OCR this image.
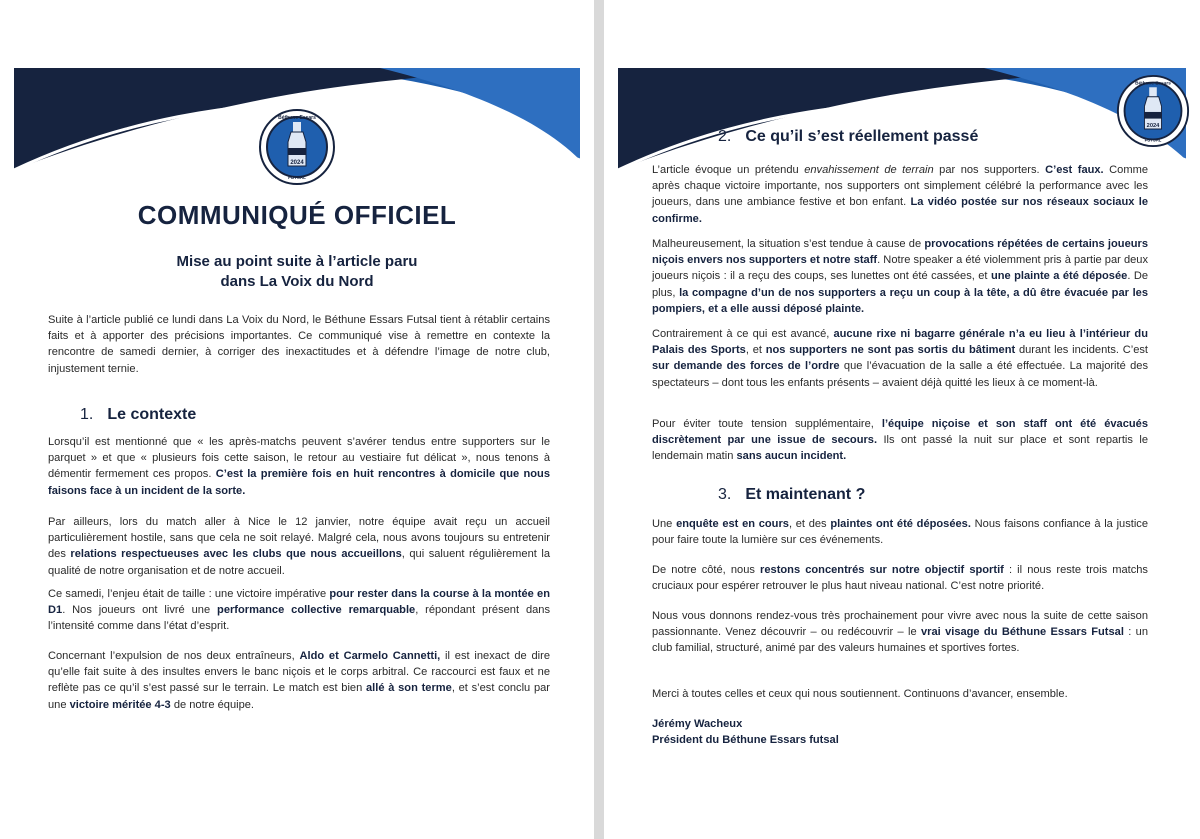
2024
FUTSAL
Béthune Essars
COMMUNIQUÉ OFFICIEL
Mise au point suite à l’article paru
dans La Voix du Nord
Suite à l’article publié ce lundi dans La Voix du Nord, le Béthune Essars Futsal tient à rétablir certains faits et à apporter des précisions importantes. Ce communiqué vise à remettre en contexte la rencontre de samedi dernier, à corriger des inexactitudes et à défendre l’image de notre club, injustement ternie.
1. Le contexte
Lorsqu’il est mentionné que « les après-matchs peuvent s’avérer tendus entre supporters sur le parquet » et que « plusieurs fois cette saison, le retour au vestiaire fut délicat », nous tenons à démentir fermement ces propos. C’est la première fois en huit rencontres à domicile que nous faisons face à un incident de la sorte.
Par ailleurs, lors du match aller à Nice le 12 janvier, notre équipe avait reçu un accueil particulièrement hostile, sans que cela ne soit relayé. Malgré cela, nous avons toujours su entretenir des relations respectueuses avec les clubs que nous accueillons, qui saluent régulièrement la qualité de notre organisation et de notre accueil.
Ce samedi, l’enjeu était de taille : une victoire impérative pour rester dans la course à la montée en D1. Nos joueurs ont livré une performance collective remarquable, répondant présent dans l’intensité comme dans l’état d’esprit.
Concernant l’expulsion de nos deux entraîneurs, Aldo et Carmelo Cannetti, il est inexact de dire qu’elle fait suite à des insultes envers le banc niçois et le corps arbitral. Ce raccourci est faux et ne reflète pas ce qu’il s’est passé sur le terrain. Le match est bien allé à son terme, et s’est conclu par une victoire méritée 4-3 de notre équipe.
2024
FUTSAL
Béthune Essars
2. Ce qu’il s’est réellement passé
L’article évoque un prétendu envahissement de terrain par nos supporters. C’est faux. Comme après chaque victoire importante, nos supporters ont simplement célébré la performance avec les joueurs, dans une ambiance festive et bon enfant. La vidéo postée sur nos réseaux sociaux le confirme.
Malheureusement, la situation s’est tendue à cause de provocations répétées de certains joueurs niçois envers nos supporters et notre staff. Notre speaker a été violemment pris à partie par deux joueurs niçois : il a reçu des coups, ses lunettes ont été cassées, et une plainte a été déposée. De plus, la compagne d’un de nos supporters a reçu un coup à la tête, a dû être évacuée par les pompiers, et a elle aussi déposé plainte.
Contrairement à ce qui est avancé, aucune rixe ni bagarre générale n’a eu lieu à l’intérieur du Palais des Sports, et nos supporters ne sont pas sortis du bâtiment durant les incidents. C’est sur demande des forces de l’ordre que l’évacuation de la salle a été effectuée. La majorité des spectateurs – dont tous les enfants présents – avaient déjà quitté les lieux à ce moment-là.
Pour éviter toute tension supplémentaire, l’équipe niçoise et son staff ont été évacués discrètement par une issue de secours. Ils ont passé la nuit sur place et sont repartis le lendemain matin sans aucun incident.
3. Et maintenant ?
Une enquête est en cours, et des plaintes ont été déposées. Nous faisons confiance à la justice pour faire toute la lumière sur ces événements.
De notre côté, nous restons concentrés sur notre objectif sportif : il nous reste trois matchs cruciaux pour espérer retrouver le plus haut niveau national. C’est notre priorité.
Nous vous donnons rendez-vous très prochainement pour vivre avec nous la suite de cette saison passionnante. Venez découvrir – ou redécouvrir – le vrai visage du Béthune Essars Futsal : un club familial, structuré, animé par des valeurs humaines et sportives fortes.
Merci à toutes celles et ceux qui nous soutiennent. Continuons d’avancer, ensemble.
Jérémy Wacheux
Président du Béthune Essars futsal
